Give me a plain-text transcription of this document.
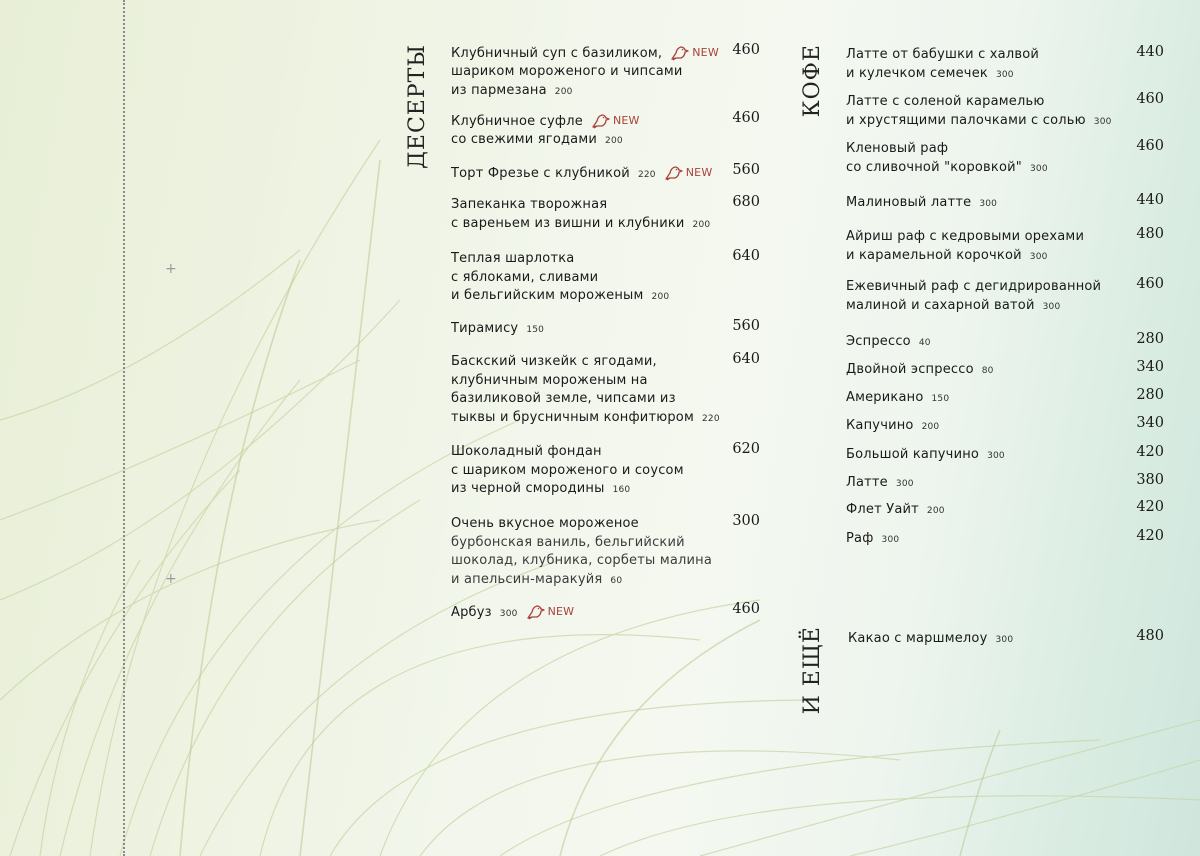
+
+
ДЕСЕРТЫ	КОФЕ
И ЕЩЁ
Клубничный суп с базиликом,	NEW
шариком мороженого и чипсами
из пармезана 200
460
Клубничное суфле	NEW
со свежими ягодами 200
460
Торт Фрезье с клубникой 220	NEW	560
Запеканка творожная
с вареньем из вишни и клубники 200
680
Теплая шарлотка
с яблоками, сливами
и бельгийским мороженым 200
640
Тирамису 150	560
Баскский чизкейк с ягодами,
клубничным мороженым на
базиликовой земле, чипсами из
тыквы и брусничным конфитюром 220
640
Шоколадный фондан
с шариком мороженого и соусом
из черной смородины 160
620
Очень вкусное мороженое
бурбонская ваниль, бельгийский
шоколад, клубника, сорбеты малина
и апельсин-маракуйя 60
300
Арбуз 300	NEW	460
Латте от бабушки с халвой
и кулечком семечек 300
440
Латте с соленой карамелью
и хрустящими палочками с солью 300
460
Кленовый раф
со сливочной "коровкой" 300
460
Малиновый латте 300	440
Айриш раф с кедровыми орехами
и карамельной корочкой 300
480
Ежевичный раф с дегидрированной
малиной и сахарной ватой 300
460
Эспрессо 40	280
Двойной эспрессо 80	340
Американо 150	280
Капучино 200	340
Большой капучино 300	420
Латте 300	380
Флет Уайт 200	420
Раф 300	420
Какао с маршмелоу 300	480
